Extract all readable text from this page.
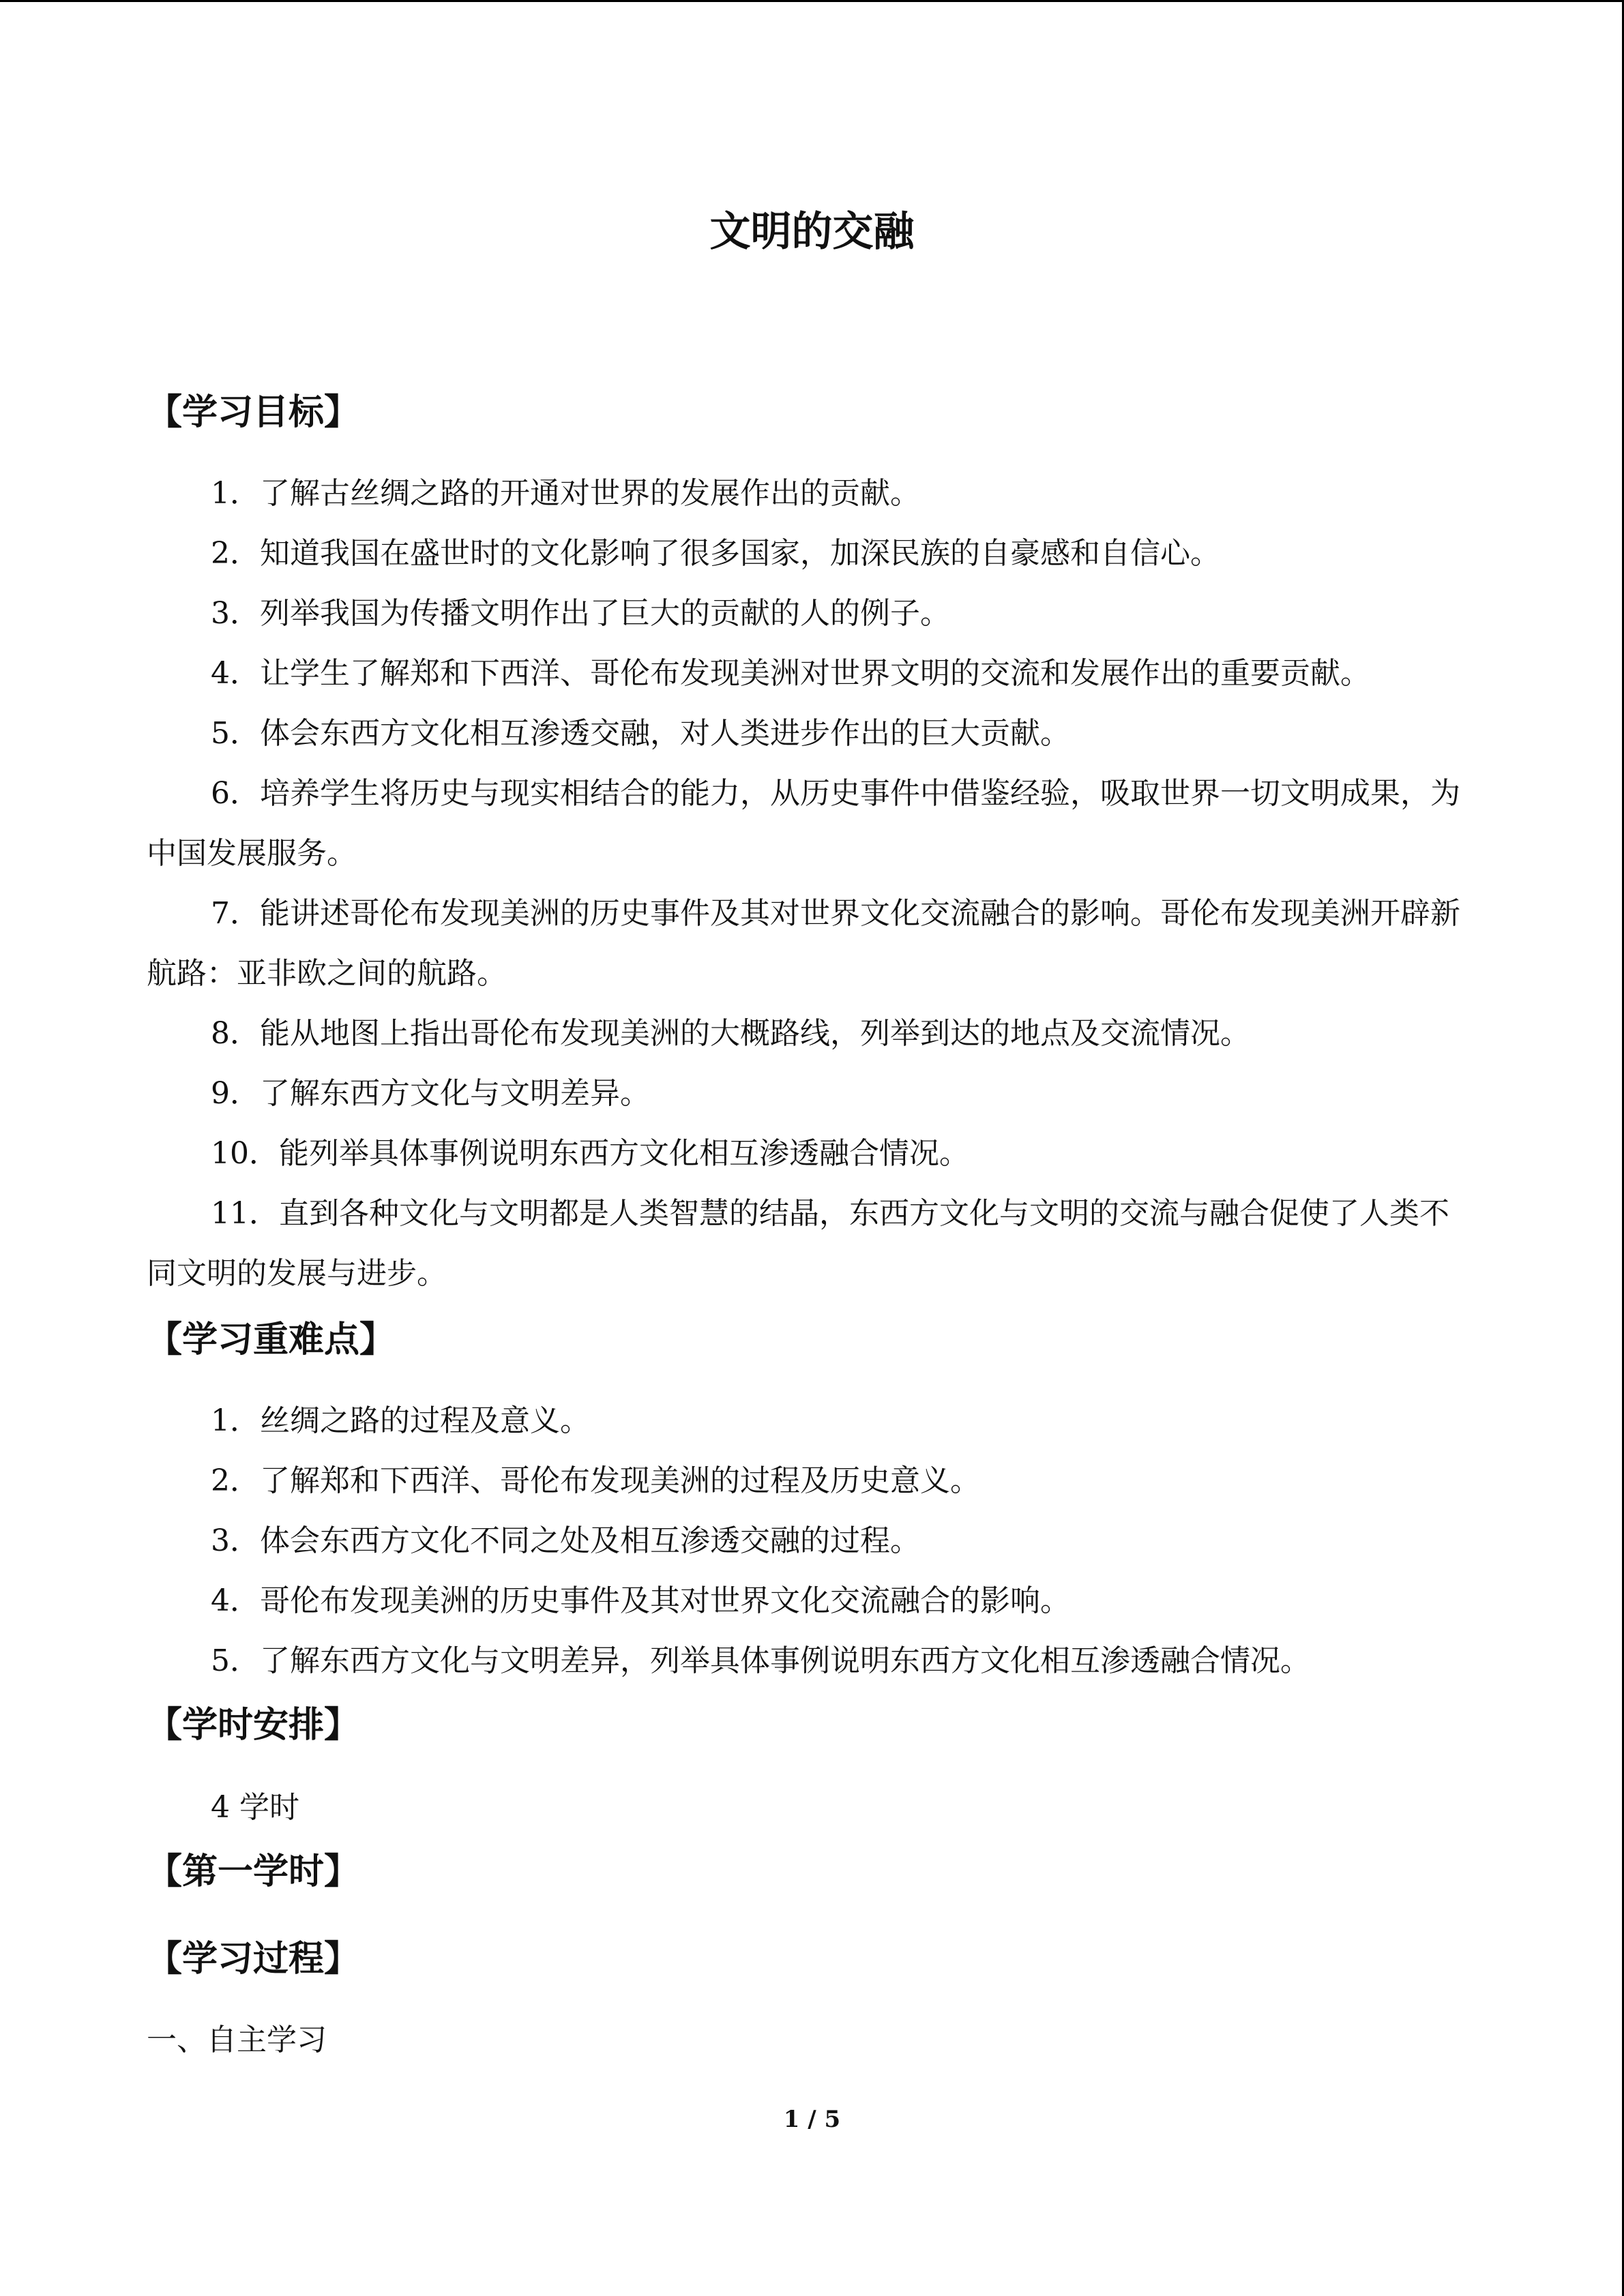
文明的交融
【学习目标】
1．了解古丝绸之路的开通对世界的发展作出的贡献。
2．知道我国在盛世时的文化影响了很多国家，加深民族的自豪感和自信心。
3．列举我国为传播文明作出了巨大的贡献的人的例子。
4．让学生了解郑和下西洋、哥伦布发现美洲对世界文明的交流和发展作出的重要贡献。
5．体会东西方文化相互渗透交融，对人类进步作出的巨大贡献。
6．培养学生将历史与现实相结合的能力，从历史事件中借鉴经验，吸取世界一切文明成果，为中国发展服务。
7．能讲述哥伦布发现美洲的历史事件及其对世界文化交流融合的影响。哥伦布发现美洲开辟新航路：亚非欧之间的航路。
8．能从地图上指出哥伦布发现美洲的大概路线，列举到达的地点及交流情况。
9．了解东西方文化与文明差异。
10．能列举具体事例说明东西方文化相互渗透融合情况。
11．直到各种文化与文明都是人类智慧的结晶，东西方文化与文明的交流与融合促使了人类不同文明的发展与进步。
【学习重难点】
1．丝绸之路的过程及意义。
2．了解郑和下西洋、哥伦布发现美洲的过程及历史意义。
3．体会东西方文化不同之处及相互渗透交融的过程。
4．哥伦布发现美洲的历史事件及其对世界文化交流融合的影响。
5．了解东西方文化与文明差异，列举具体事例说明东西方文化相互渗透融合情况。
【学时安排】
4 学时
【第一学时】
【学习过程】
一、自主学习
1 / 5
